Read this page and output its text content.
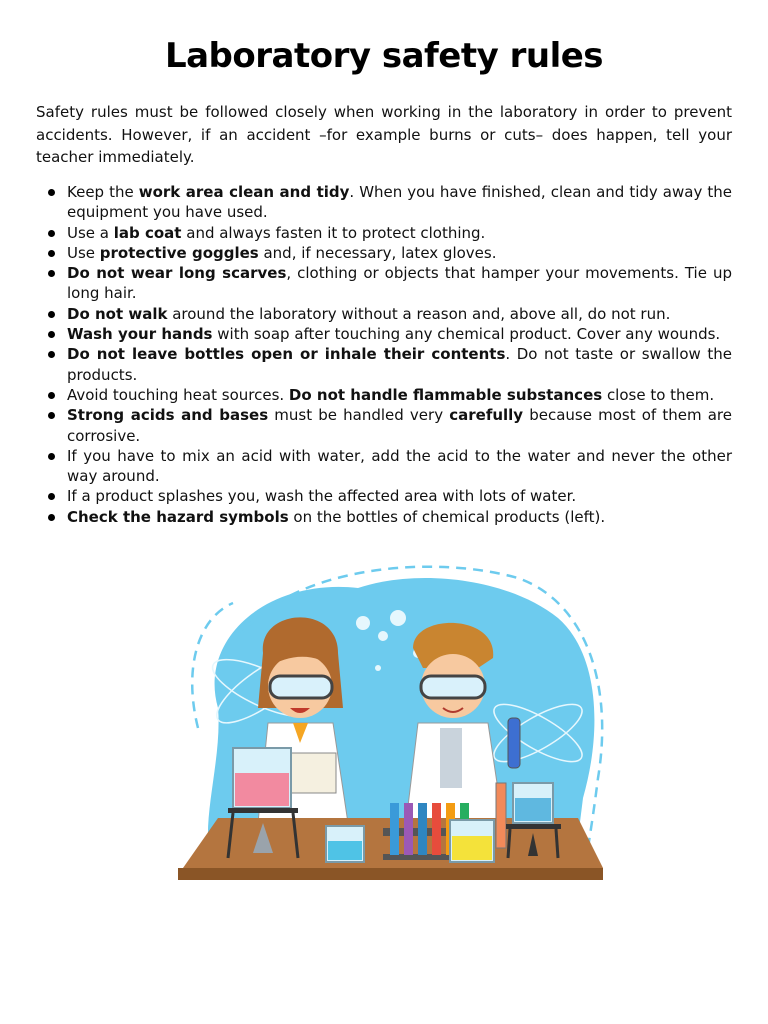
Laboratory safety rules

Safety rules must be followed closely when working in the laboratory in order to prevent accidents. However, if an accident –for example burns or cuts– does happen, tell your teacher immediately.

Keep the work area clean and tidy. When you have finished, clean and tidy away the equipment you have used.
Use a lab coat and always fasten it to protect clothing.
Use protective goggles and, if necessary, latex gloves.
Do not wear long scarves, clothing or objects that hamper your movements. Tie up long hair.
Do not walk around the laboratory without a reason and, above all, do not run.
Wash your hands with soap after touching any chemical product. Cover any wounds.
Do not leave bottles open or inhale their contents. Do not taste or swallow the products.
Avoid touching heat sources. Do not handle flammable substances close to them.
Strong acids and bases must be handled very carefully because most of them are corrosive.
If you have to mix an acid with water, add the acid to the water and never the other way around.
If a product splashes you, wash the affected area with lots of water.
Check the hazard symbols on the bottles of chemical products (left).
